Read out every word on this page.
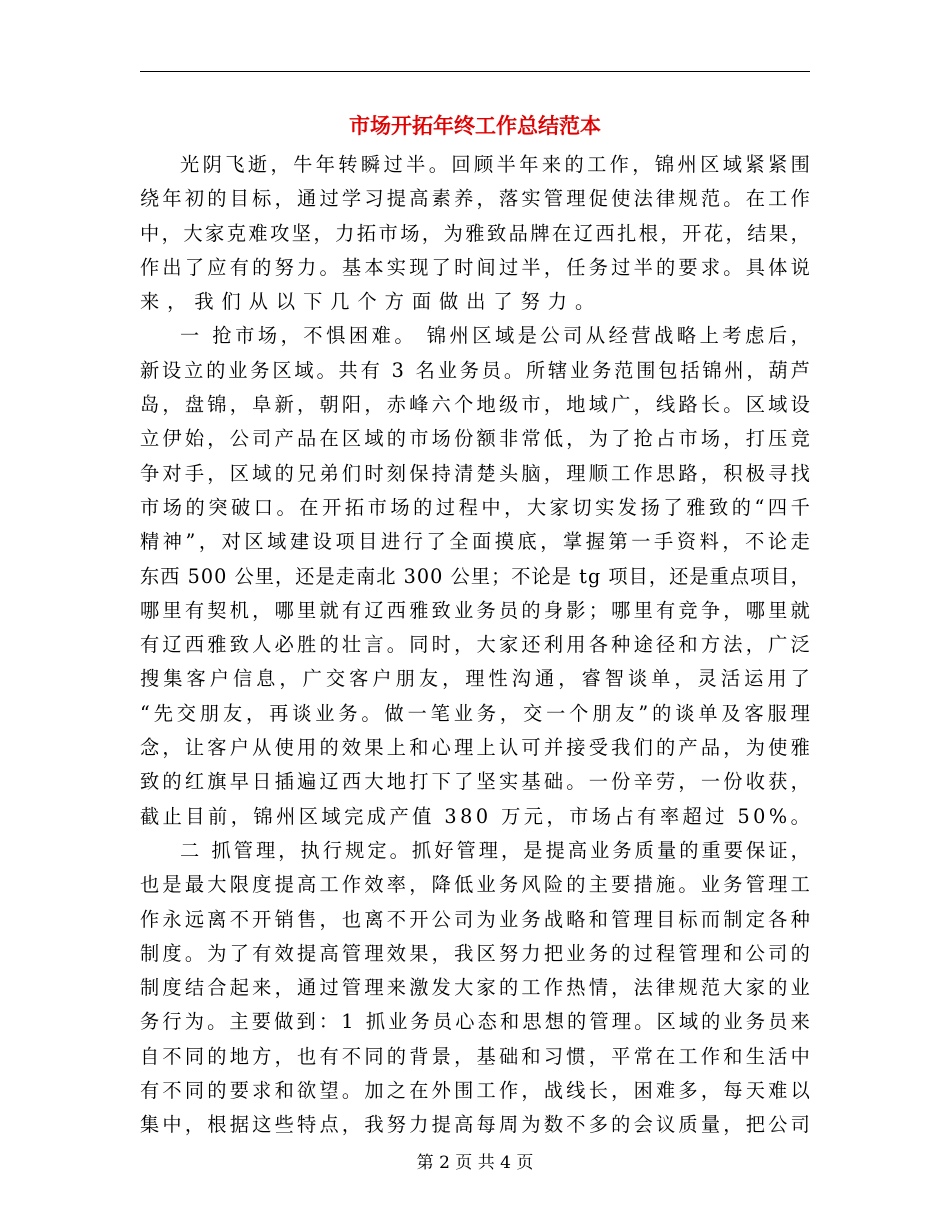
市场开拓年终工作总结范本
光阴飞逝，牛年转瞬过半。回顾半年来的工作，锦州区域紧紧围
绕年初的目标，通过学习提高素养，落实管理促使法律规范。在工作
中，大家克难攻坚，力拓市场，为雅致品牌在辽西扎根，开花，结果，
作出了应有的努力。基本实现了时间过半，任务过半的要求。具体说
来，我们从以下几个方面做出了努力。
一 抢市场，不惧困难。 锦州区域是公司从经营战略上考虑后，
新设立的业务区域。共有 3 名业务员。所辖业务范围包括锦州，葫芦
岛，盘锦，阜新，朝阳，赤峰六个地级市，地域广，线路长。区域设
立伊始，公司产品在区域的市场份额非常低，为了抢占市场，打压竞
争对手，区域的兄弟们时刻保持清楚头脑，理顺工作思路，积极寻找
市场的突破口。在开拓市场的过程中，大家切实发扬了雅致的“四千
精神”，对区域建设项目进行了全面摸底，掌握第一手资料，不论走
东西 500 公里，还是走南北 300 公里；不论是 tg 项目，还是重点项目，
哪里有契机，哪里就有辽西雅致业务员的身影；哪里有竞争，哪里就
有辽西雅致人必胜的壮言。同时，大家还利用各种途径和方法，广泛
搜集客户信息，广交客户朋友，理性沟通，睿智谈单，灵活运用了
“先交朋友，再谈业务。做一笔业务，交一个朋友”的谈单及客服理
念，让客户从使用的效果上和心理上认可并接受我们的产品，为使雅
致的红旗早日插遍辽西大地打下了坚实基础。一份辛劳，一份收获，
截止目前，锦州区域完成产值 380 万元，市场占有率超过 50%。
二 抓管理，执行规定。抓好管理，是提高业务质量的重要保证，
也是最大限度提高工作效率，降低业务风险的主要措施。业务管理工
作永远离不开销售，也离不开公司为业务战略和管理目标而制定各种
制度。为了有效提高管理效果，我区努力把业务的过程管理和公司的
制度结合起来，通过管理来激发大家的工作热情，法律规范大家的业
务行为。主要做到：1 抓业务员心态和思想的管理。区域的业务员来
自不同的地方，也有不同的背景，基础和习惯，平常在工作和生活中
有不同的要求和欲望。加之在外围工作，战线长，困难多，每天难以
集中，根据这些特点，我努力提高每周为数不多的会议质量，把公司
第 2 页 共 4 页
